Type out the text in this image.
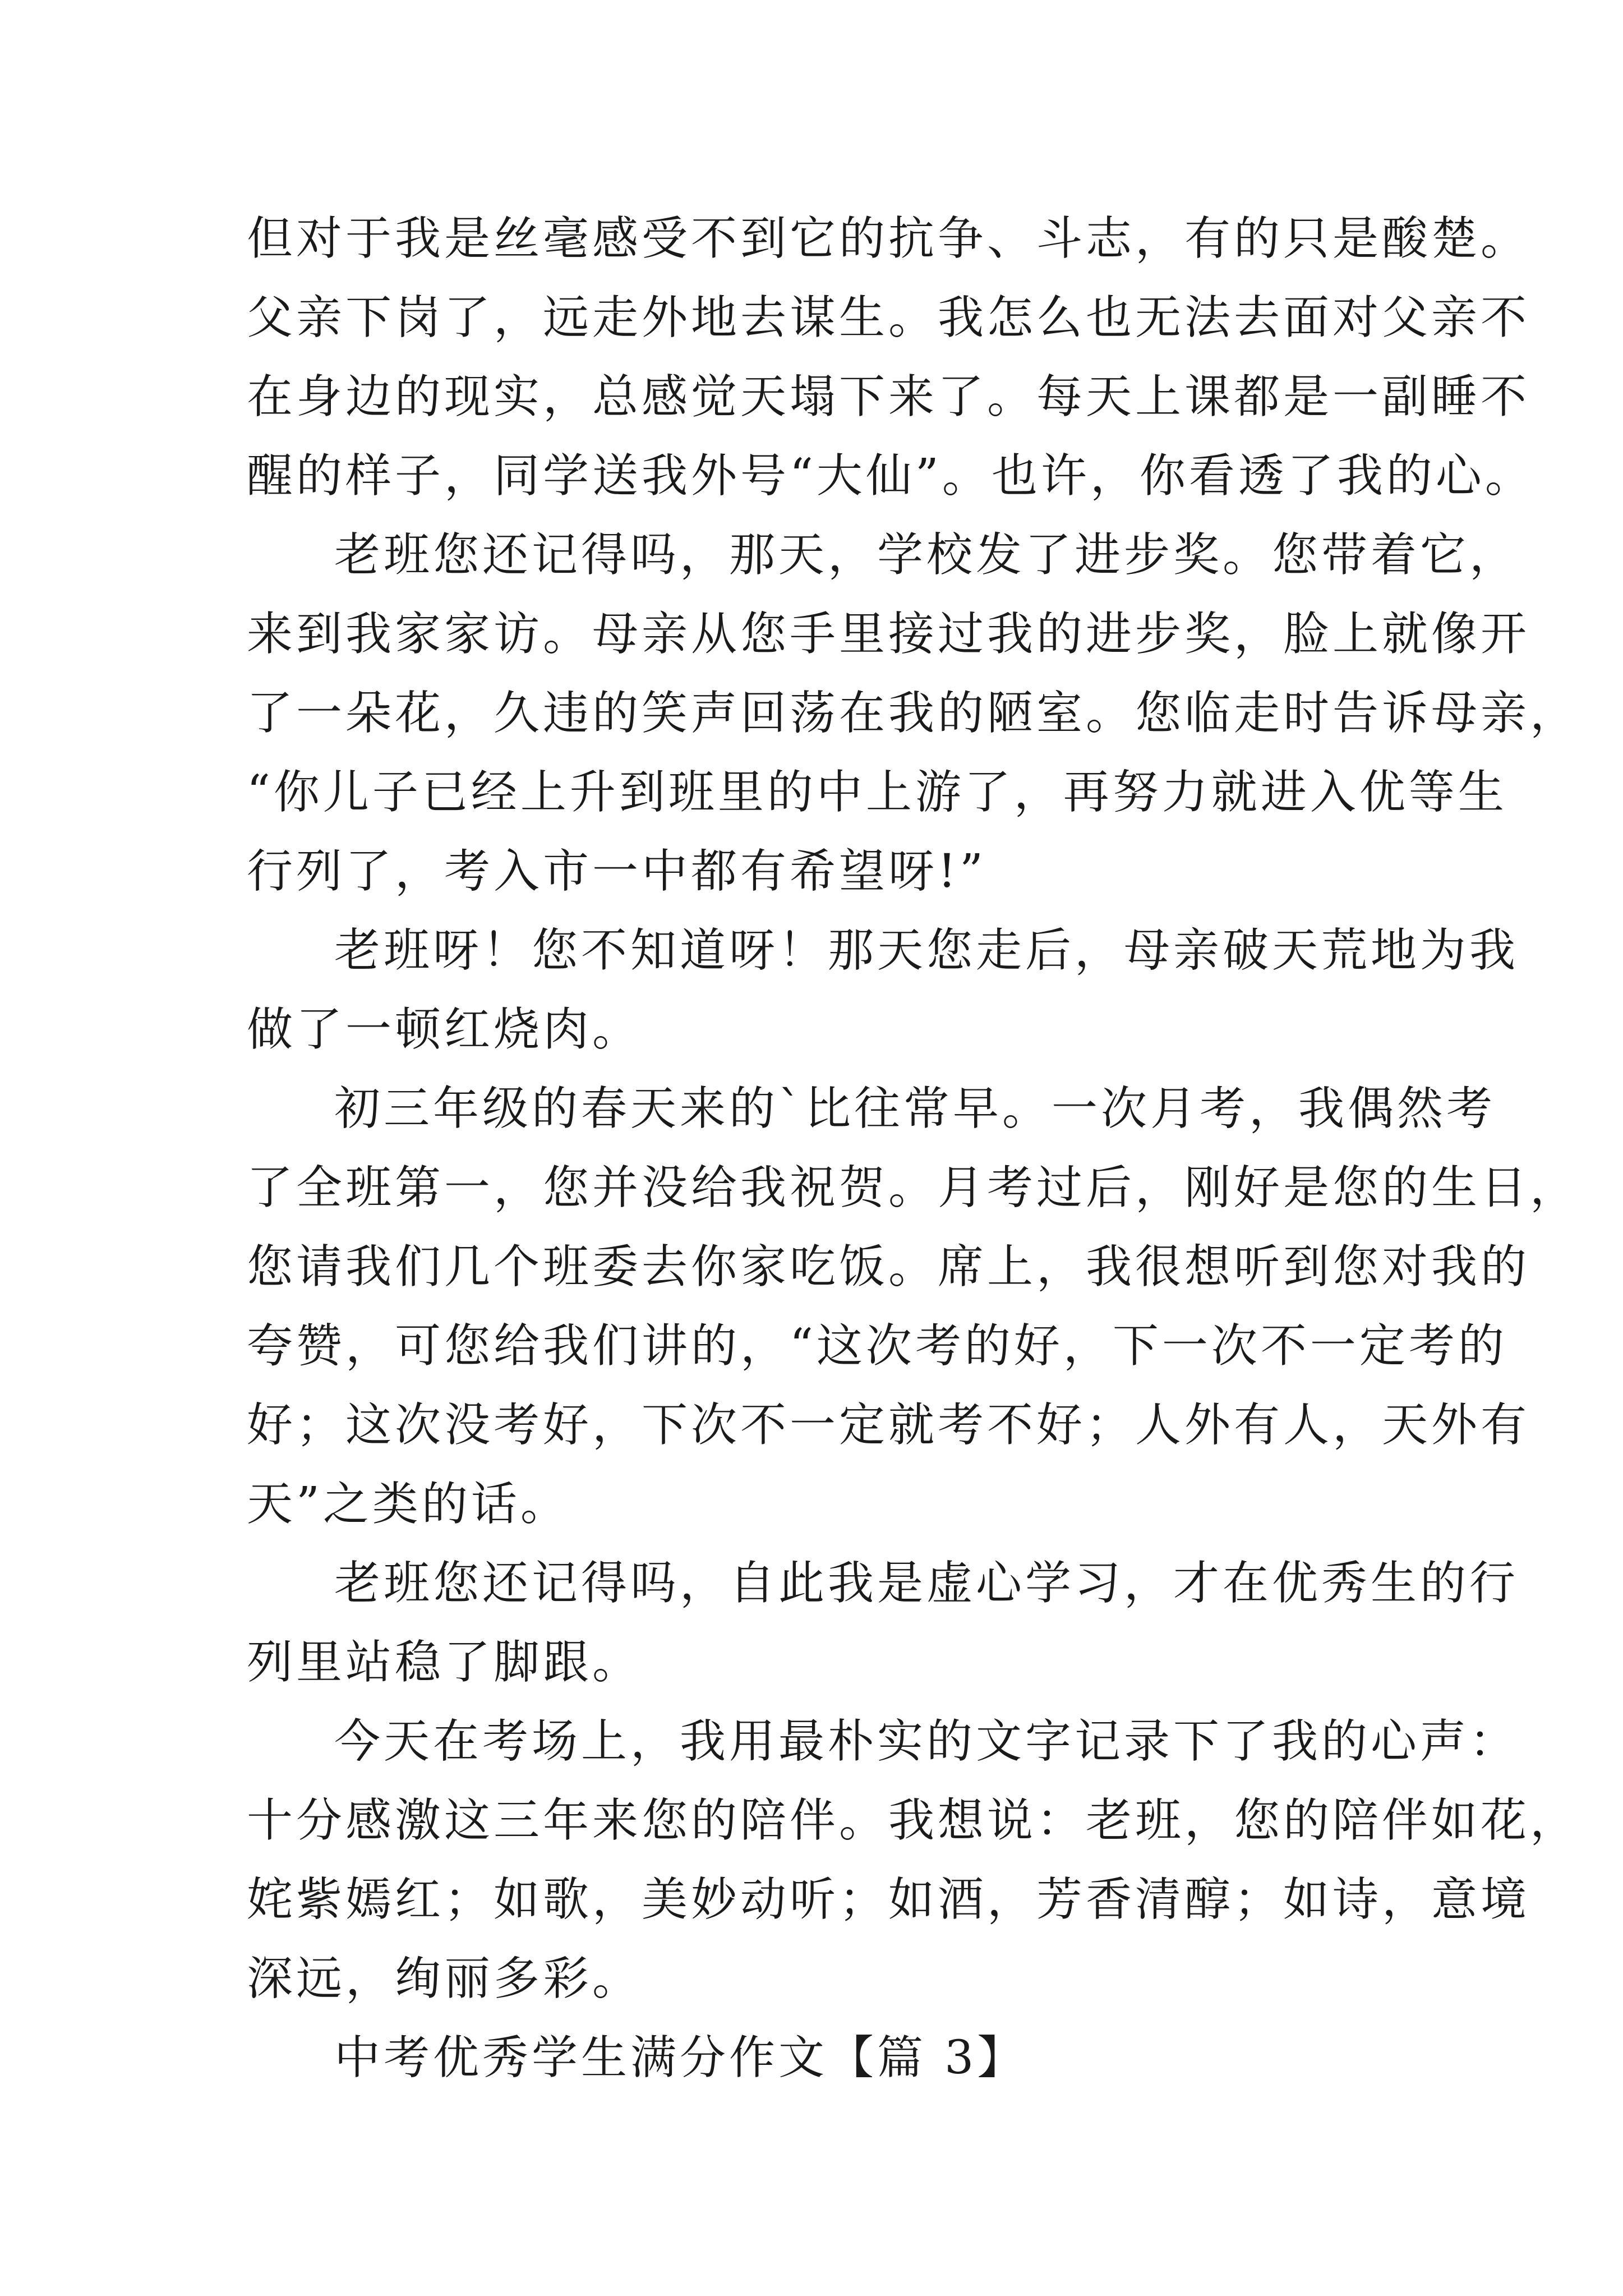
但对于我是丝毫感受不到它的抗争、斗志，有的只是酸楚。
父亲下岗了，远走外地去谋生。我怎么也无法去面对父亲不
在身边的现实，总感觉天塌下来了。每天上课都是一副睡不
醒的样子，同学送我外号“大仙”。也许，你看透了我的心。
老班您还记得吗，那天，学校发了进步奖。您带着它，
来到我家家访。母亲从您手里接过我的进步奖，脸上就像开
了一朵花，久违的笑声回荡在我的陋室。您临走时告诉母亲，
“你儿子已经上升到班里的中上游了，再努力就进入优等生
行列了，考入市一中都有希望呀!”
老班呀！您不知道呀！那天您走后，母亲破天荒地为我
做了一顿红烧肉。
初三年级的春天来的`比往常早。一次月考，我偶然考
了全班第一，您并没给我祝贺。月考过后，刚好是您的生日，
您请我们几个班委去你家吃饭。席上，我很想听到您对我的
夸赞，可您给我们讲的，“这次考的好，下一次不一定考的
好；这次没考好，下次不一定就考不好；人外有人，天外有
天”之类的话。
老班您还记得吗，自此我是虚心学习，才在优秀生的行
列里站稳了脚跟。
今天在考场上，我用最朴实的文字记录下了我的心声：
十分感激这三年来您的陪伴。我想说：老班，您的陪伴如花，
姹紫嫣红；如歌，美妙动听；如酒，芳香清醇；如诗，意境
深远，绚丽多彩。
中考优秀学生满分作文【篇 3】
